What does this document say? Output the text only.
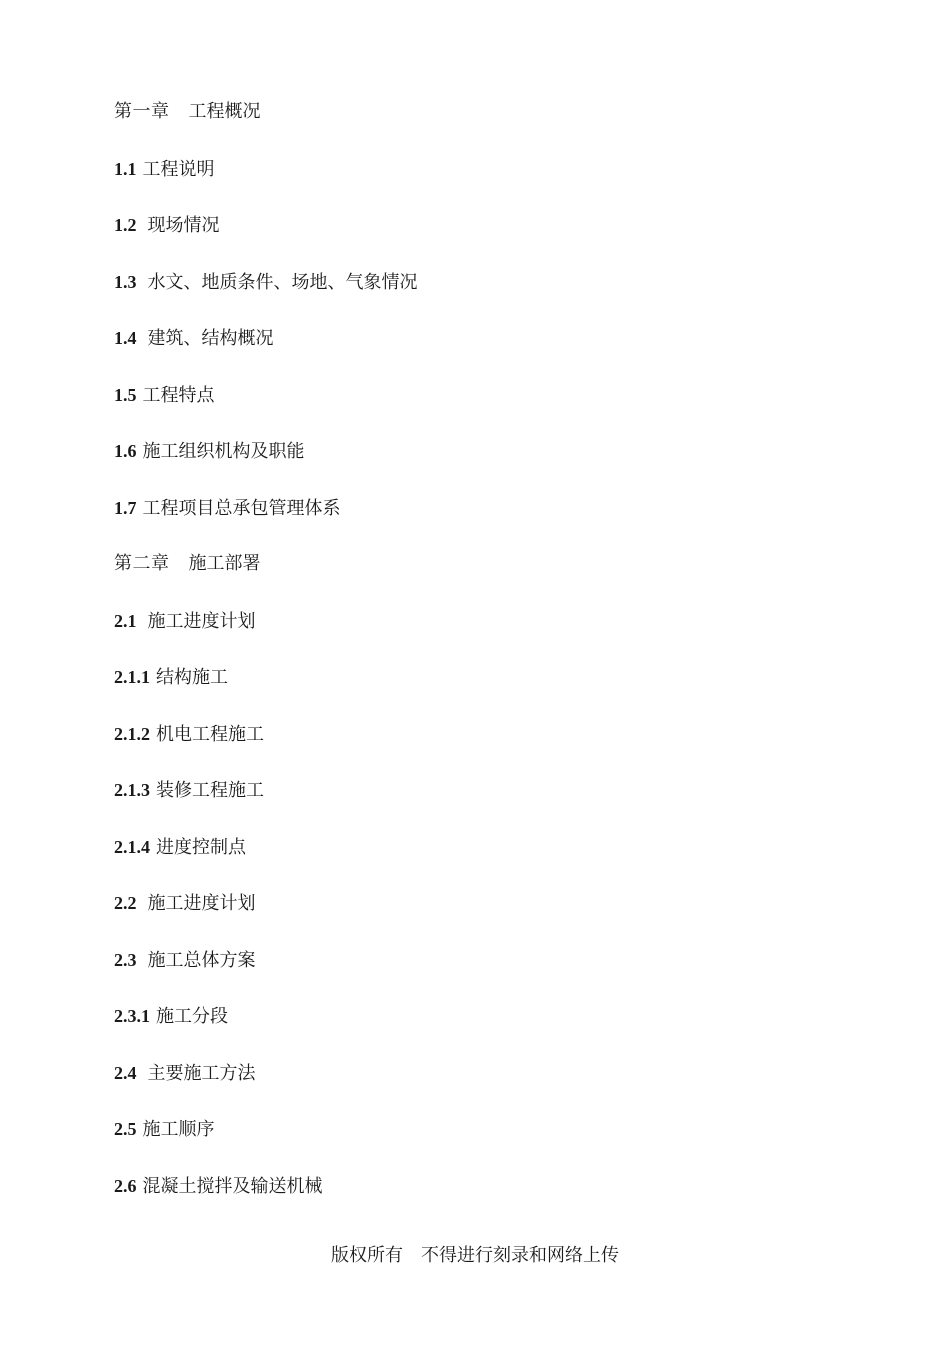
第一章 工程概况
1.1 工程说明
1.2 现场情况
1.3 水文、地质条件、场地、气象情况
1.4 建筑、结构概况
1.5 工程特点
1.6 施工组织机构及职能
1.7 工程项目总承包管理体系
第二章 施工部署
2.1 施工进度计划
2.1.1 结构施工
2.1.2 机电工程施工
2.1.3 装修工程施工
2.1.4 进度控制点
2.2 施工进度计划
2.3 施工总体方案
2.3.1 施工分段
2.4 主要施工方法
2.5 施工顺序
2.6 混凝土搅拌及输送机械
版权所有 不得进行刻录和网络上传
